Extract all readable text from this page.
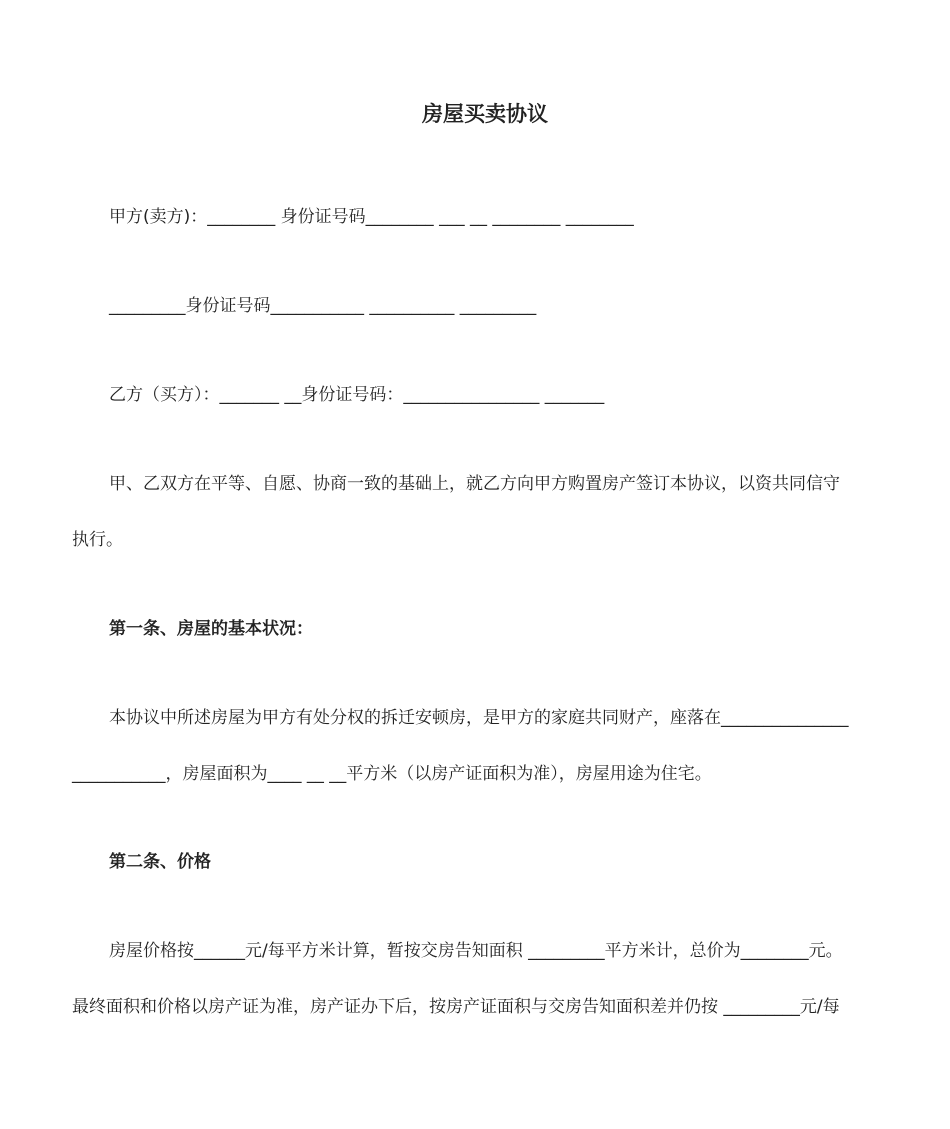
房屋买卖协议
甲方(卖方)：________ 身份证号码________ ___ __ ________ ________
_________身份证号码___________ __________ _________
乙方（买方）：_______ __身份证号码：________________ _______
甲、乙双方在平等、自愿、协商一致的基础上，就乙方向甲方购置房产签订本协议，以资共同信守
执行。
第一条、房屋的基本状况：
本协议中所述房屋为甲方有处分权的拆迁安顿房，是甲方的家庭共同财产，座落在_______________
___________，房屋面积为____ __ __平方米（以房产证面积为准），房屋用途为住宅。
第二条、价格
房屋价格按______元/每平方米计算，暂按交房告知面积 _________平方米计，总价为________元。
最终面积和价格以房产证为准，房产证办下后，按房产证面积与交房告知面积差并仍按 _________元/每
